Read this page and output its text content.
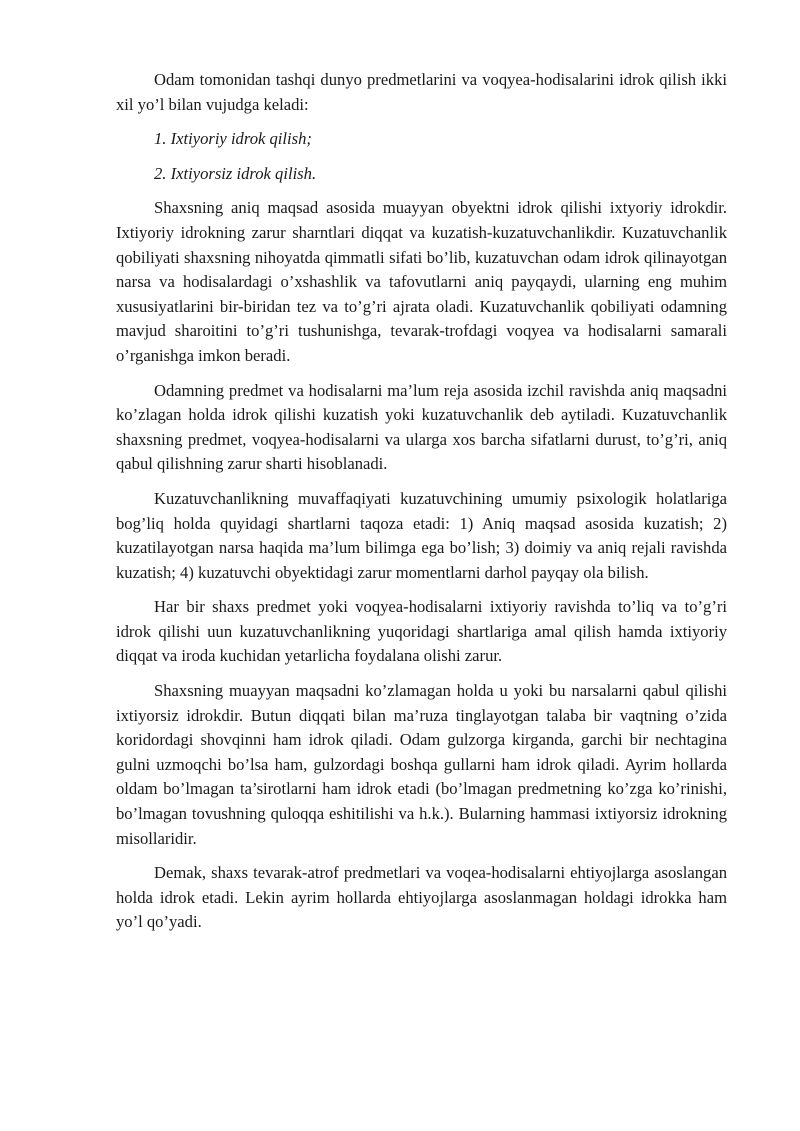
Odam tomonidan tashqi dunyo predmetlarini va voqyea-hodisalarini idrok qilish ikki xil yo’l bilan vujudga keladi:

1. Ixtiyoriy idrok qilish;

2. Ixtiyorsiz idrok qilish.

Shaxsning aniq maqsad asosida muayyan obyektni idrok qilishi ixtyoriy idrokdir. Ixtiyoriy idrokning zarur sharntlari diqqat va kuzatish-kuzatuvchanlikdir. Kuzatuvchanlik qobiliyati shaxsning nihoyatda qimmatli sifati bo’lib, kuzatuvchan odam idrok qilinayotgan narsa va hodisalardagi o’xshashlik va tafovutlarni aniq payqaydi, ularning eng muhim xususiyatlarini bir-biridan tez va to’g’ri ajrata oladi. Kuzatuvchanlik qobiliyati odamning mavjud sharoitini to’g’ri tushunishga, tevarak-trofdagi voqyea va hodisalarni samarali o’rganishga imkon beradi.

Odamning predmet va hodisalarni ma’lum reja asosida izchil ravishda aniq maqsadni ko’zlagan holda idrok qilishi kuzatish yoki kuzatuvchanlik deb aytiladi. Kuzatuvchanlik shaxsning predmet, voqyea-hodisalarni va ularga xos barcha sifatlarni durust, to’g’ri, aniq qabul qilishning zarur sharti hisoblanadi.

Kuzatuvchanlikning muvaffaqiyati kuzatuvchining umumiy psixologik holatlariga bog’liq holda quyidagi shartlarni taqoza etadi: 1) Aniq maqsad asosida kuzatish; 2) kuzatilayotgan narsa haqida ma’lum bilimga ega bo’lish; 3) doimiy va aniq rejali ravishda kuzatish; 4) kuzatuvchi obyektidagi zarur momentlarni darhol payqay ola bilish.

Har bir shaxs predmet yoki voqyea-hodisalarni ixtiyoriy ravishda to’liq va to’g’ri idrok qilishi uun kuzatuvchanlikning yuqoridagi shartlariga amal qilish hamda ixtiyoriy diqqat va iroda kuchidan yetarlicha foydalana olishi zarur.

Shaxsning muayyan maqsadni ko’zlamagan holda u yoki bu narsalarni qabul qilishi ixtiyorsiz idrokdir. Butun diqqati bilan ma’ruza tinglayotgan talaba bir vaqtning o’zida koridordagi shovqinni ham idrok qiladi. Odam gulzorga kirganda, garchi bir nechtagina gulni uzmoqchi bo’lsa ham, gulzordagi boshqa gullarni ham idrok qiladi. Ayrim hollarda oldam bo’lmagan ta’sirotlarni ham idrok etadi (bo’lmagan predmetning ko’zga ko’rinishi, bo’lmagan tovushning quloqqa eshitilishi va h.k.). Bularning hammasi ixtiyorsiz idrokning misollaridir.

Demak, shaxs tevarak-atrof predmetlari va voqea-hodisalarni ehtiyojlarga asoslangan holda idrok etadi. Lekin ayrim hollarda ehtiyojlarga asoslanmagan holdagi idrokka ham yo’l qo’yadi.
